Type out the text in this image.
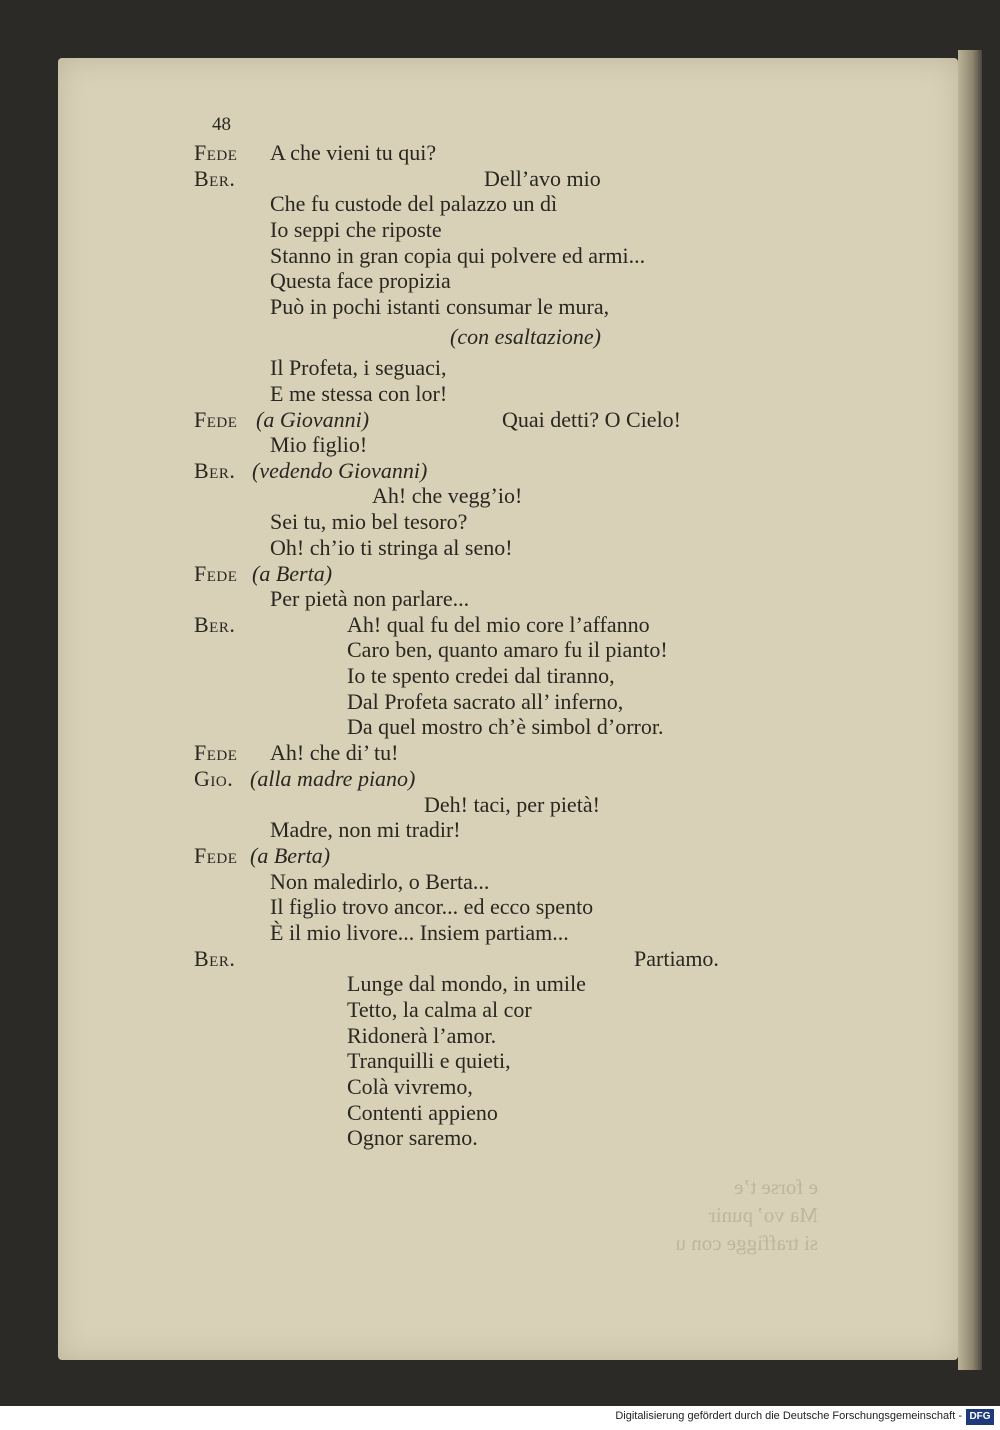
48
Fede A che vieni tu qui?
Ber.	Dell’avo mio
Che fu custode del palazzo un dì
Io seppi che riposte
Stanno in gran copia qui polvere ed armi...
Questa face propizia
Può in pochi istanti consumar le mura,
(con esaltazione)
Il Profeta, i seguaci,
E me stessa con lor!
Fede (a Giovanni)	Quai detti? O Cielo!
Mio figlio!
Ber. (vedendo Giovanni)
Ah! che vegg’io!
Sei tu, mio bel tesoro?
Oh! ch’io ti stringa al seno!
Fede (a Berta)
Per pietà non parlare...
Ber.	Ah! qual fu del mio core l’affanno
Caro ben, quanto amaro fu il pianto!
Io te spento credei dal tiranno,
Dal Profeta sacrato all’ inferno,
Da quel mostro ch’è simbol d’orror.
Fede Ah! che di’ tu!
Gio. (alla madre piano)
Deh! taci, per pietà!
Madre, non mi tradir!
Fede (a Berta)
Non maledirlo, o Berta...
Il figlio trovo ancor... ed ecco spento
È il mio livore... Insiem partiam...
Ber.	Partiamo.
Lunge dal mondo, in umile
Tetto, la calma al cor
Ridonerà l’amor.
Tranquilli e quieti,
Colà vivremo,
Contenti appieno
Ognor saremo.
e forse t’e
Ma vo’ punir
si traffigge con u
Digitalisierung gefördert durch die Deutsche Forschungsgemeinschaft - DFG
